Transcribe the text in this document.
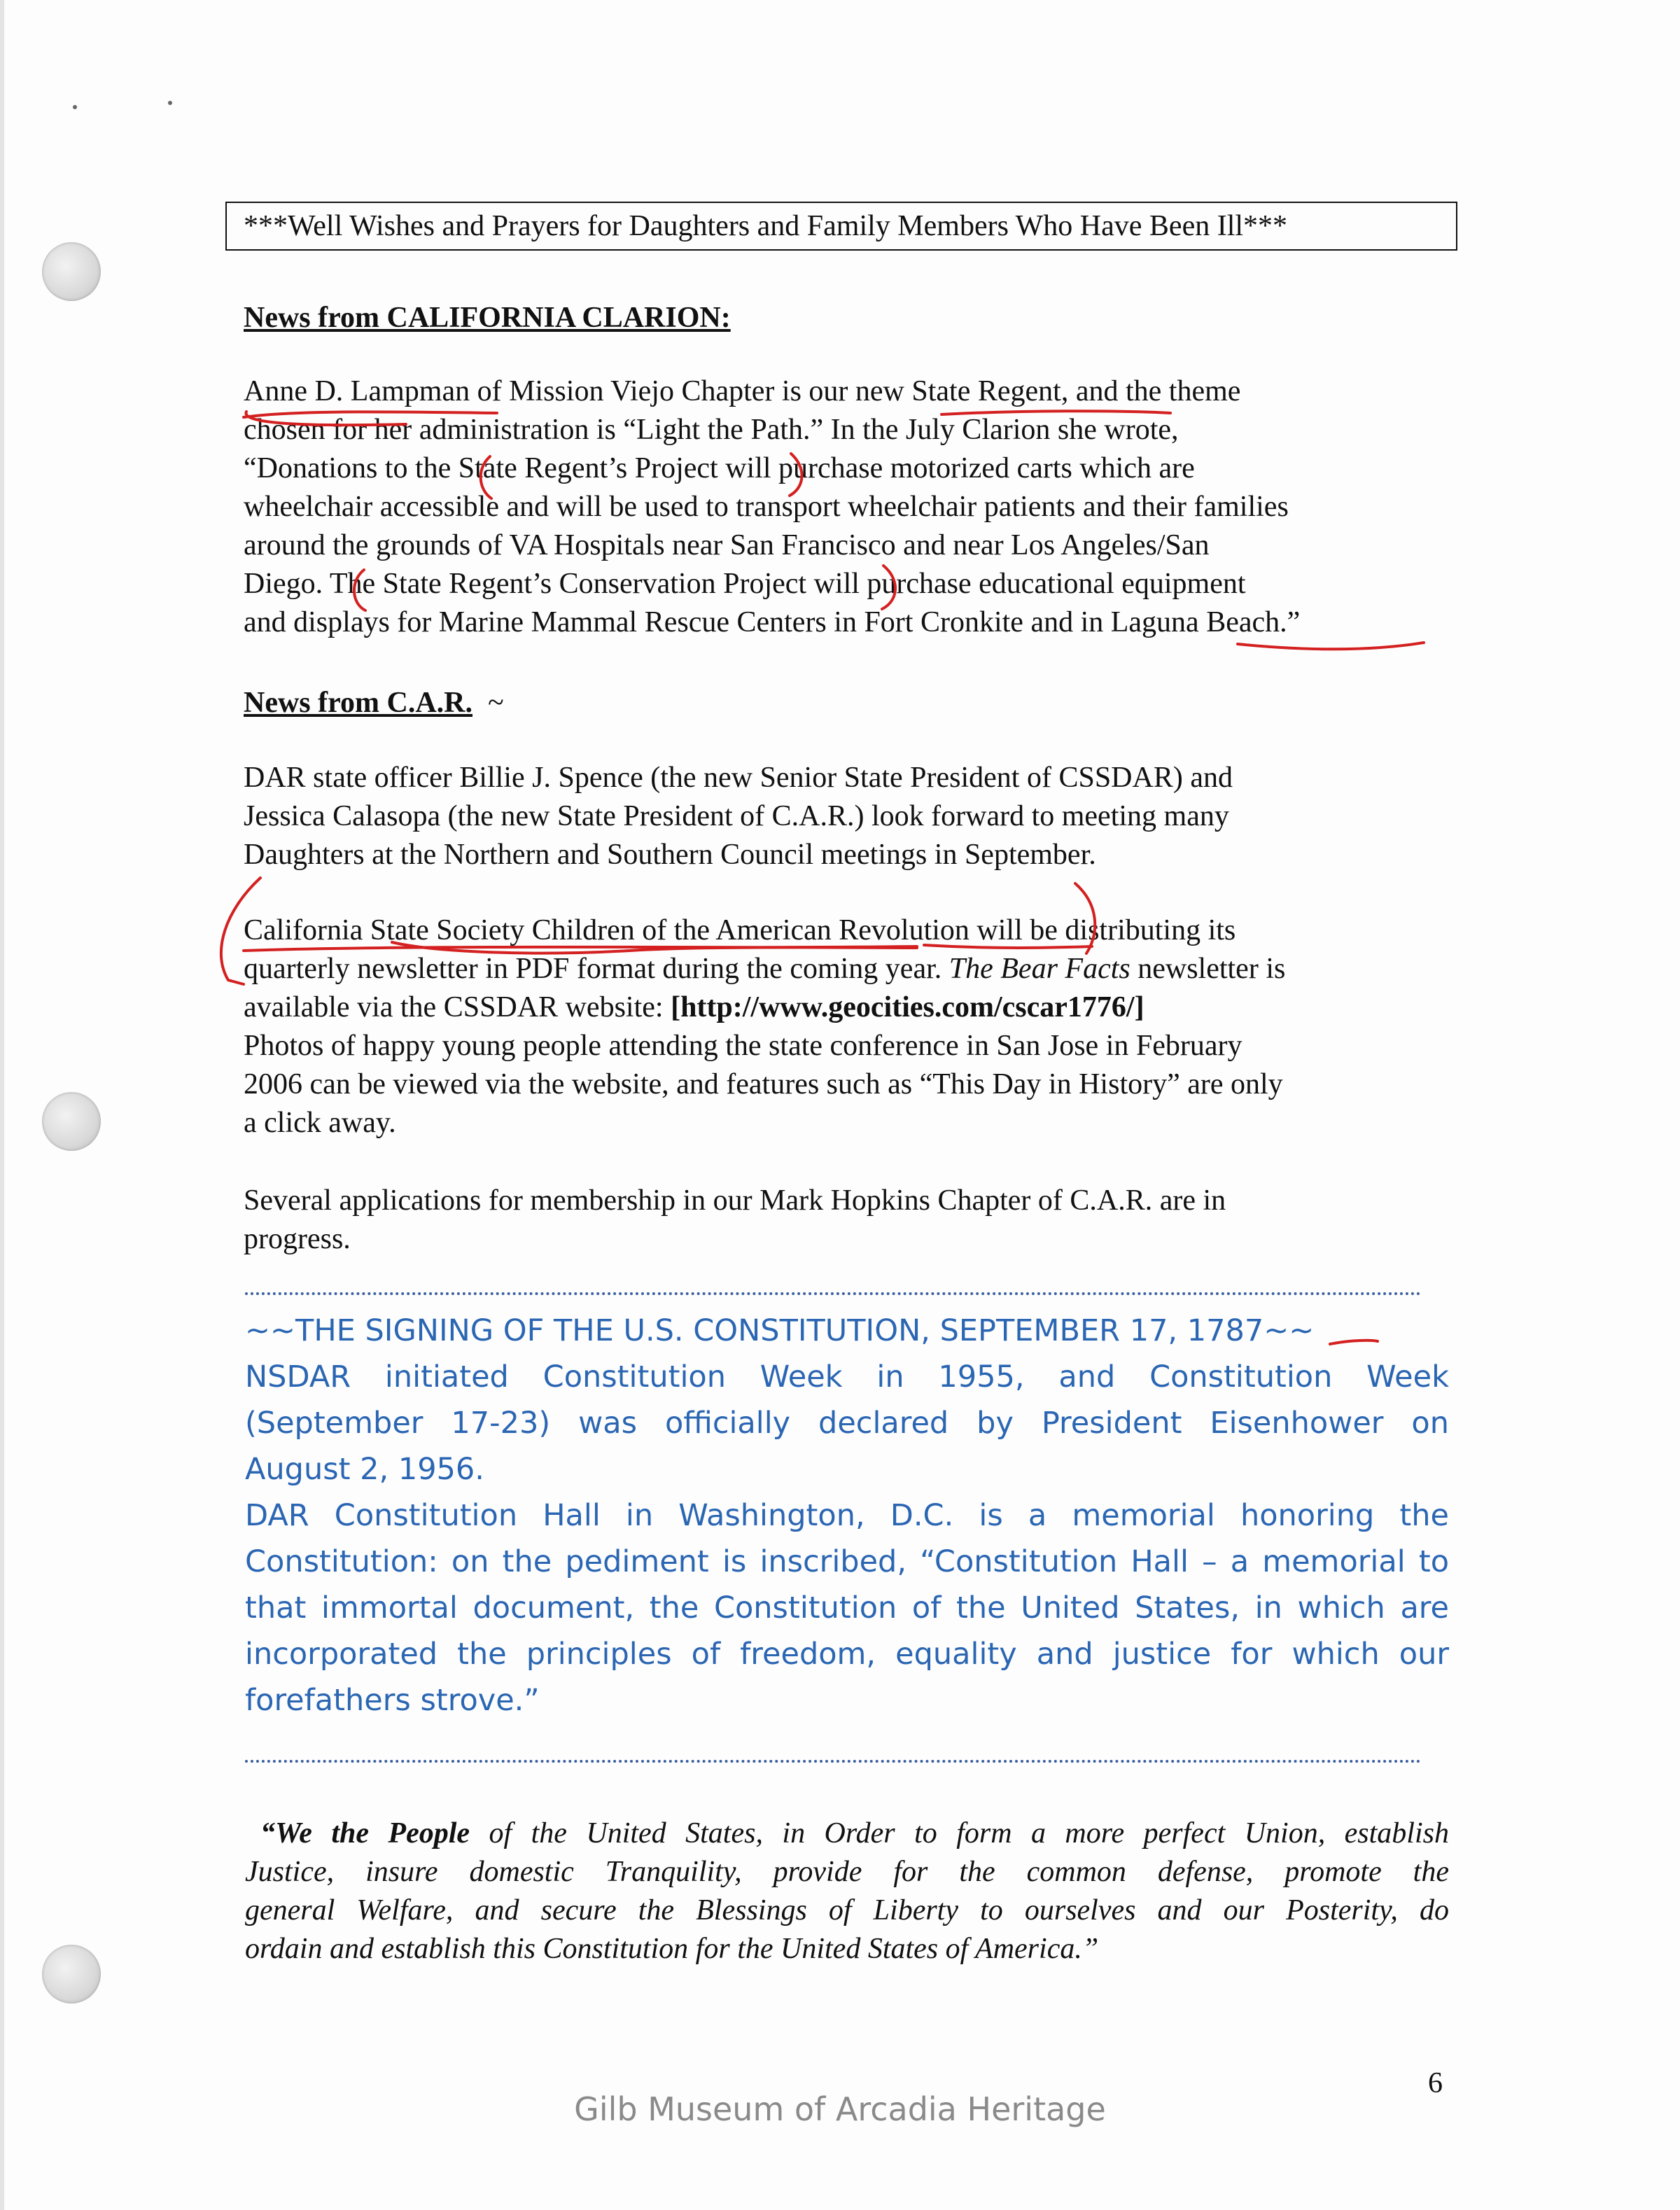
***Well Wishes and Prayers for Daughters and Family Members Who Have Been Ill***
News from CALIFORNIA CLARION:

Anne D. Lampman of Mission Viejo Chapter is our new State Regent, and the theme
chosen for her administration is “Light the Path.” In the July Clarion she wrote,
“Donations to the State Regent’s Project will purchase motorized carts which are
wheelchair accessible and will be used to transport wheelchair patients and their families
around the grounds of VA Hospitals near San Francisco and near Los Angeles/San
Diego. The State Regent’s Conservation Project will purchase educational equipment
and displays for Marine Mammal Rescue Centers in Fort Cronkite and in Laguna Beach.”

News from C.A.R. ~

DAR state officer Billie J. Spence (the new Senior State President of CSSDAR) and
Jessica Calasopa (the new State President of C.A.R.) look forward to meeting many
Daughters at the Northern and Southern Council meetings in September.

California State Society Children of the American Revolution will be distributing its
quarterly newsletter in PDF format during the coming year. The Bear Facts newsletter is
available via the CSSDAR website: [http://www.geocities.com/cscar1776/]
Photos of happy young people attending the state conference in San Jose in February
2006 can be viewed via the website, and features such as “This Day in History” are only
a click away.

Several applications for membership in our Mark Hopkins Chapter of C.A.R. are in
progress.

~~THE SIGNING OF THE U.S. CONSTITUTION, SEPTEMBER 17, 1787~~
NSDAR initiated Constitution Week in 1955, and Constitution Week
(September 17-23) was officially declared by President Eisenhower on
August 2, 1956.
DAR Constitution Hall in Washington, D.C. is a memorial honoring the
Constitution: on the pediment is inscribed, “Constitution Hall – a memorial to
that immortal document, the Constitution of the United States, in which are
incorporated the principles of freedom, equality and justice for which our
forefathers strove.”

“We the People of the United States, in Order to form a more perfect Union, establish
Justice, insure domestic Tranquility, provide for the common defense, promote the
general Welfare, and secure the Blessings of Liberty to ourselves and our Posterity, do
ordain and establish this Constitution for the United States of America.”

6
Gilb Museum of Arcadia Heritage
